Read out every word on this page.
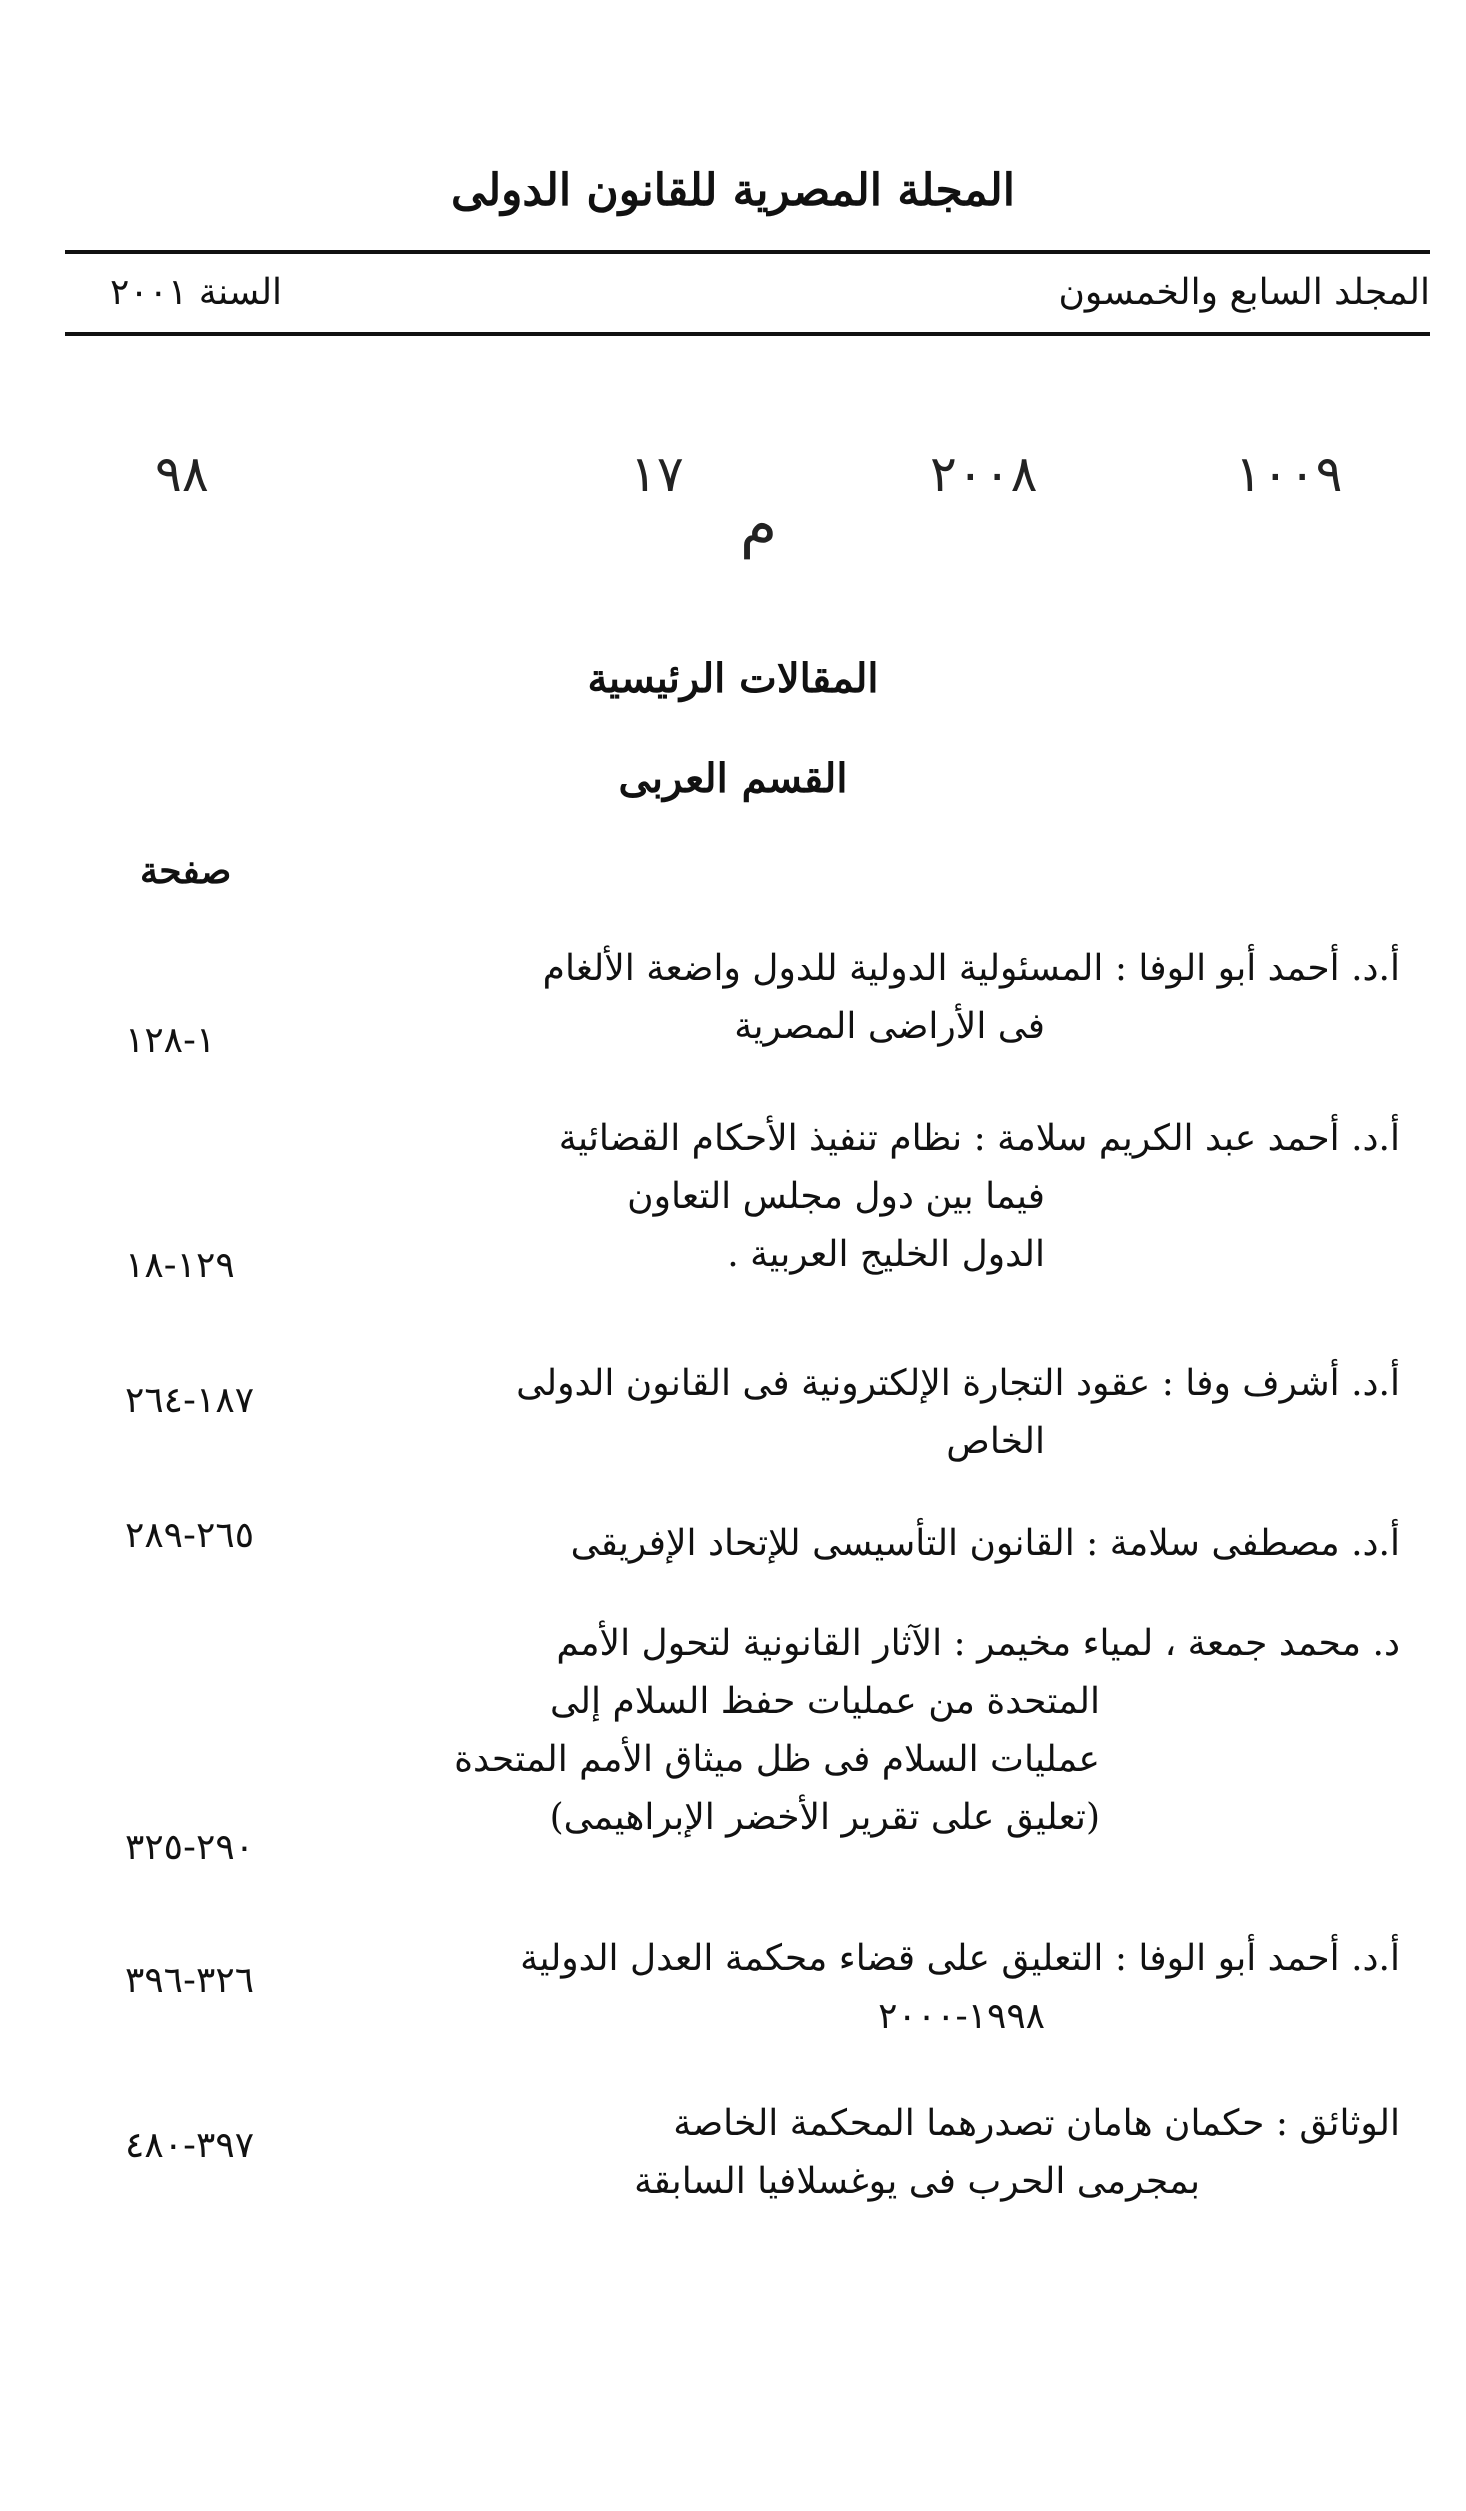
المجلة المصرية للقانون الدولى
المجلد السابع والخمسون
السنة ٢٠٠١
٩٨	١٧
م
٢٠٠٨	١٠٠٩
المقالات الرئيسية
القسم العربى
صفحة
أ.د. أحمد أبو الوفا : المسئولية الدولية للدول واضعة الألغام
فى الأراضى المصرية
١-١٢٨
أ.د. أحمد عبد الكريم سلامة : نظام تنفيذ الأحكام القضائية
فيما بين دول مجلس التعاون
الدول الخليج العربية .
١٢٩-١٨
أ.د. أشرف وفا : عقود التجارة الإلكترونية فى القانون الدولى
الخاص
١٨٧-٢٦٤
أ.د. مصطفى سلامة : القانون التأسيسى للإتحاد الإفريقى
٢٦٥-٢٨٩
د. محمد جمعة ، لمياء مخيمر : الآثار القانونية لتحول الأمم
المتحدة من عمليات حفظ السلام إلى
عمليات السلام فى ظل ميثاق الأمم المتحدة
(تعليق على تقرير الأخضر الإبراهيمى)
٢٩٠-٣٢٥
أ.د. أحمد أبو الوفا : التعليق على قضاء محكمة العدل الدولية
١٩٩٨-٢٠٠٠
٣٢٦-٣٩٦
الوثائق : حكمان هامان تصدرهما المحكمة الخاصة
بمجرمى الحرب فى يوغسلافيا السابقة
٣٩٧-٤٨٠
